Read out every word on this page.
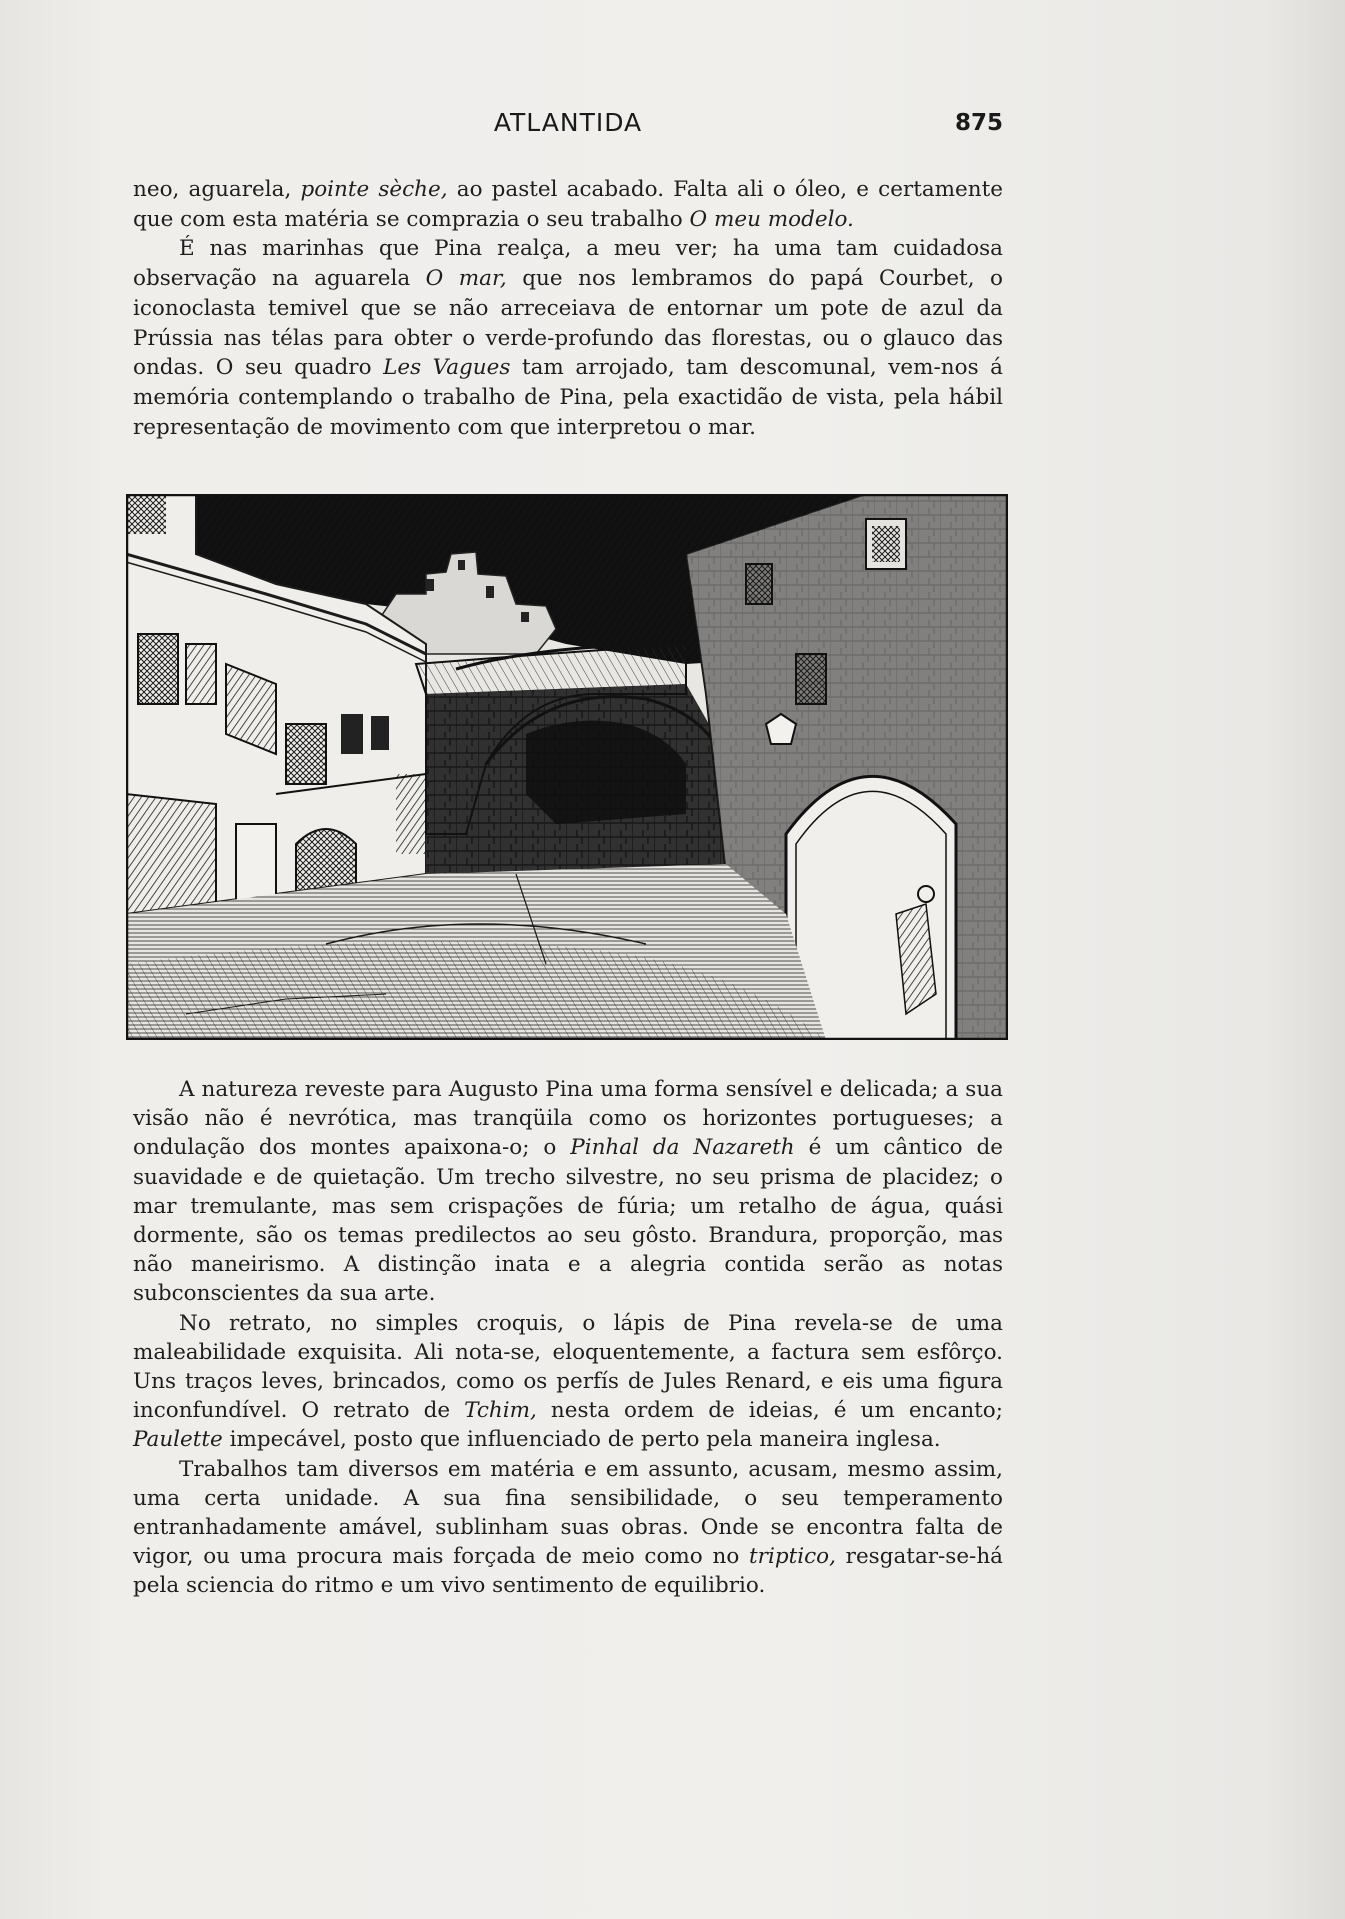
ATLANTIDA	875

neo, aguarela, pointe sèche, ao pastel acabado. Falta ali o óleo, e certamente que com esta matéria se comprazia o seu trabalho O meu modelo.

É nas marinhas que Pina realça, a meu ver; ha uma tam cuidadosa observação na aguarela O mar, que nos lembramos do papá Courbet, o iconoclasta temivel que se não arreceiava de entornar um pote de azul da Prússia nas télas para obter o verde-profundo das florestas, ou o glauco das ondas. O seu quadro Les Vagues tam arrojado, tam descomunal, vem-nos á memória contemplando o trabalho de Pina, pela exactidão de vista, pela hábil representação de movimento com que interpretou o mar.

A natureza reveste para Augusto Pina uma forma sensível e delicada; a sua visão não é nevrótica, mas tranqüila como os horizontes portugueses; a ondulação dos montes apaixona-o; o Pinhal da Nazareth é um cântico de suavidade e de quietação. Um trecho silvestre, no seu prisma de placidez; o mar tremulante, mas sem crispações de fúria; um retalho de água, quási dormente, são os temas predilectos ao seu gôsto. Brandura, proporção, mas não maneirismo. A distinção inata e a alegria contida serão as notas subconscientes da sua arte.

No retrato, no simples croquis, o lápis de Pina revela-se de uma maleabilidade exquisita. Ali nota-se, eloquentemente, a factura sem esfôrço. Uns traços leves, brincados, como os perfís de Jules Renard, e eis uma figura inconfundível. O retrato de Tchim, nesta ordem de ideias, é um encanto; Paulette impecável, posto que influenciado de perto pela maneira inglesa.

Trabalhos tam diversos em matéria e em assunto, acusam, mesmo assim, uma certa unidade. A sua fina sensibilidade, o seu temperamento entranhadamente amável, sublinham suas obras. Onde se encontra falta de vigor, ou uma procura mais forçada de meio como no triptico, resgatar-se-há pela sciencia do ritmo e um vivo sentimento de equilibrio.
